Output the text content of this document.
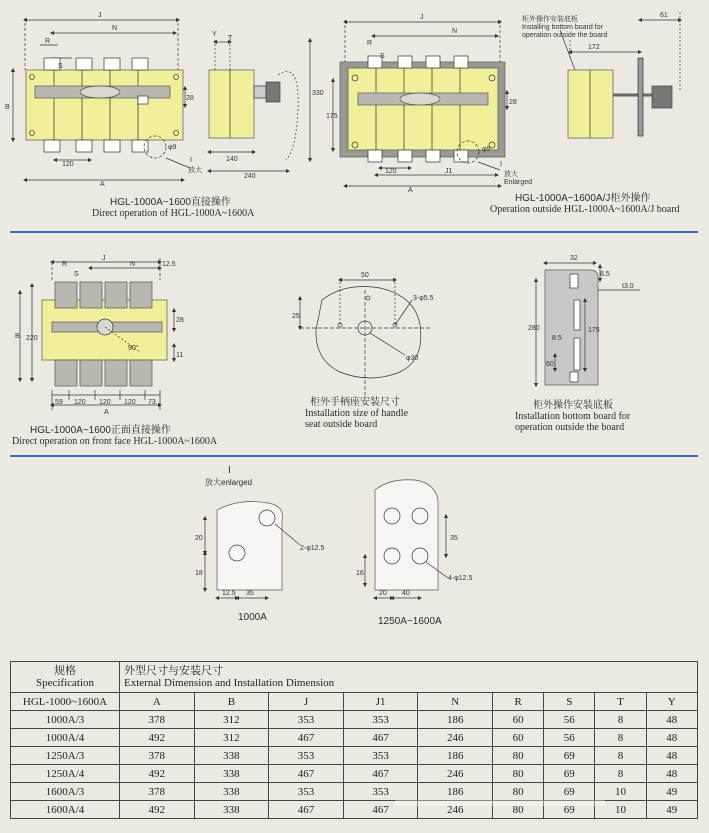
J
N
R
S
B
28
120
A
φ9
I
放大
Y
T
330
140
240
J
N
R
S
175
28
120	J1
A
φ9
I
放大
Enlarged
柜外操作安装底板
Installing bottom board for
operation outside the board
61
172
J
N
R
S
12.5
B 220
28
11
90°
59 120 120 120 73
A
50
3-φ5.5
25
φ30
32
8.5
t3.0
280
8.5
175
60
20
2-φ12.5
18
12.5 35
35
16
4-φ12.5
20 40
HGL-1000A~1600直接操作
Direct operation of HGL-1000A~1600A
HGL-1000A~1600A/J柜外操作
Operation outside HGL-1000A~1600A/J board
HGL-1000A~1600正面直接操作
Direct operation on front face HGL-1000A~1600A
柜外手柄座安装尺寸
Installation size of handle
seat outside board
柜外操作安装底板
Installation bottom board for
operation outside the board
I
放大enlarged
1000A	1250A~1600A
规格
Specification	外型尺寸与安装尺寸
External Dimension and Installation Dimension								

HGL-1000~1600A	A	B	J	J1	N	R	S	T	Y
1000A/3	378	312	353	353	186	60	56	8	48
1000A/4	492	312	467	467	246	60	56	8	48
1250A/3	378	338	353	353	186	80	69	8	48
1250A/4	492	338	467	467	246	80	69	8	48
1600A/3	378	338	353	353	186	80	69	10	49
1600A/4	492	338	467	467	246	80	69	10	49
